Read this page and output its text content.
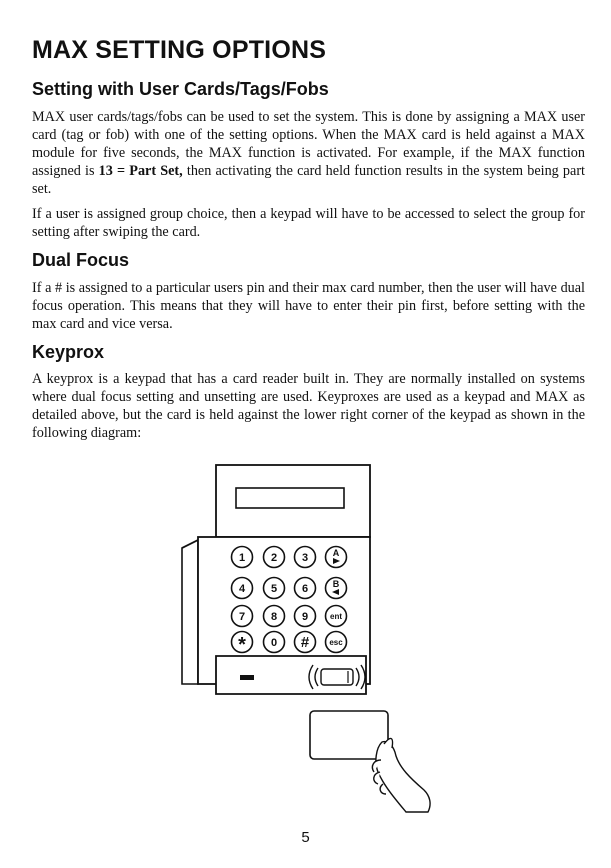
MAX SETTING OPTIONS
Setting with User Cards/Tags/Fobs

MAX user cards/tags/fobs can be used to set the system. This is done by assigning a MAX user card (tag or fob) with one of the setting options. When the MAX card is held against a MAX module for five seconds, the MAX function is activated. For example, if the MAX function assigned is 13 = Part Set, then activating the card held function results in the system being part set.

If a user is assigned group choice, then a keypad will have to be accessed to select the group for setting after swiping the card.

Dual Focus

If a # is assigned to a particular users pin and their max card number, then the user will have dual focus operation. This means that they will have to enter their pin first, before setting with the max card and vice versa.

Keyprox

A keyprox is a keypad that has a card reader built in. They are normally installed on systems where dual focus setting and unsetting are used. Keyproxes are used as a keypad and MAX as detailed above, but the card is held against the lower right corner of the keypad as shown in the following diagram:

1 2 3	A
4 5 6	B
7 8 9	ent
* 0 #	esc
5
